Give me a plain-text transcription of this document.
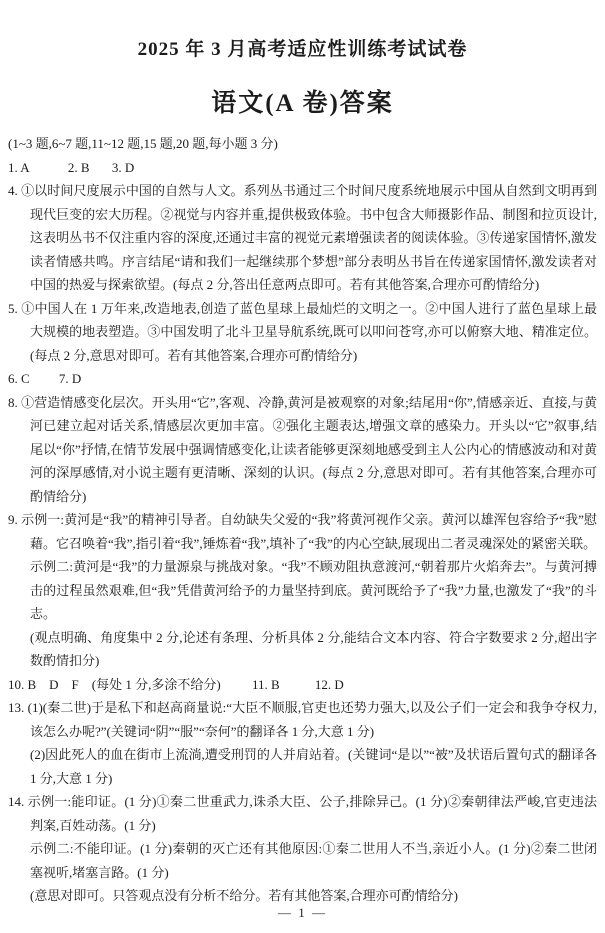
2025 年 3 月高考适应性训练考试试卷
语文(A 卷)答案

(1~3 题,6~7 题,11~12 题,15 题,20 题,每小题 3 分)

1. A	2. B 3. D

4. ①以时间尺度展示中国的自然与人文。系列丛书通过三个时间尺度系统地展示中国从自然到文明再到现代巨变的宏大历程。②视觉与内容并重,提供极致体验。书中包含大师摄影作品、制图和拉页设计,这表明丛书不仅注重内容的深度,还通过丰富的视觉元素增强读者的阅读体验。③传递家国情怀,激发读者情感共鸣。序言结尾“请和我们一起继续那个梦想”部分表明丛书旨在传递家国情怀,激发读者对中国的热爱与探索欲望。(每点 2 分,答出任意两点即可。若有其他答案,合理亦可酌情给分)

5. ①中国人在 1 万年来,改造地表,创造了蓝色星球上最灿烂的文明之一。②中国人进行了蓝色星球上最大规模的地表塑造。③中国发明了北斗卫星导航系统,既可以叩问苍穹,亦可以俯察大地、精准定位。(每点 2 分,意思对即可。若有其他答案,合理亦可酌情给分)

6. C 7. D

8. ①营造情感变化层次。开头用“它”,客观、冷静,黄河是被观察的对象;结尾用“你”,情感亲近、直接,与黄河已建立起对话关系,情感层次更加丰富。②强化主题表达,增强文章的感染力。开头以“它”叙事,结尾以“你”抒情,在情节发展中强调情感变化,让读者能够更深刻地感受到主人公内心的情感波动和对黄河的深厚感情,对小说主题有更清晰、深刻的认识。(每点 2 分,意思对即可。若有其他答案,合理亦可酌情给分)

9. 示例一:黄河是“我”的精神引导者。自幼缺失父爱的“我”将黄河视作父亲。黄河以雄浑包容给予“我”慰藉。它召唤着“我”,指引着“我”,锤炼着“我”,填补了“我”的内心空缺,展现出二者灵魂深处的紧密关联。

示例二:黄河是“我”的力量源泉与挑战对象。“我”不顾劝阻执意渡河,“朝着那片火焰奔去”。与黄河搏击的过程虽然艰难,但“我”凭借黄河给予的力量坚持到底。黄河既给予了“我”力量,也激发了“我”的斗志。

(观点明确、角度集中 2 分,论述有条理、分析具体 2 分,能结合文本内容、符合字数要求 2 分,超出字数酌情扣分)

10. B　D　F　(每处 1 分,多涂不给分) 11. B	12. D

13. (1)(秦二世)于是私下和赵高商量说:“大臣不顺服,官吏也还势力强大,以及公子们一定会和我争夺权力,该怎么办呢?”(关键词“阴”“服”“奈何”的翻译各 1 分,大意 1 分)

(2)因此死人的血在街市上流淌,遭受刑罚的人并肩站着。(关键词“是以”“被”及状语后置句式的翻译各 1 分,大意 1 分)

14. 示例一:能印证。(1 分)①秦二世重武力,诛杀大臣、公子,排除异己。(1 分)②秦朝律法严峻,官吏违法判案,百姓动荡。(1 分)

示例二:不能印证。(1 分)秦朝的灭亡还有其他原因:①秦二世用人不当,亲近小人。(1 分)②秦二世闭塞视听,堵塞言路。(1 分)

(意思对即可。只答观点没有分析不给分。若有其他答案,合理亦可酌情给分)

— 1 —
